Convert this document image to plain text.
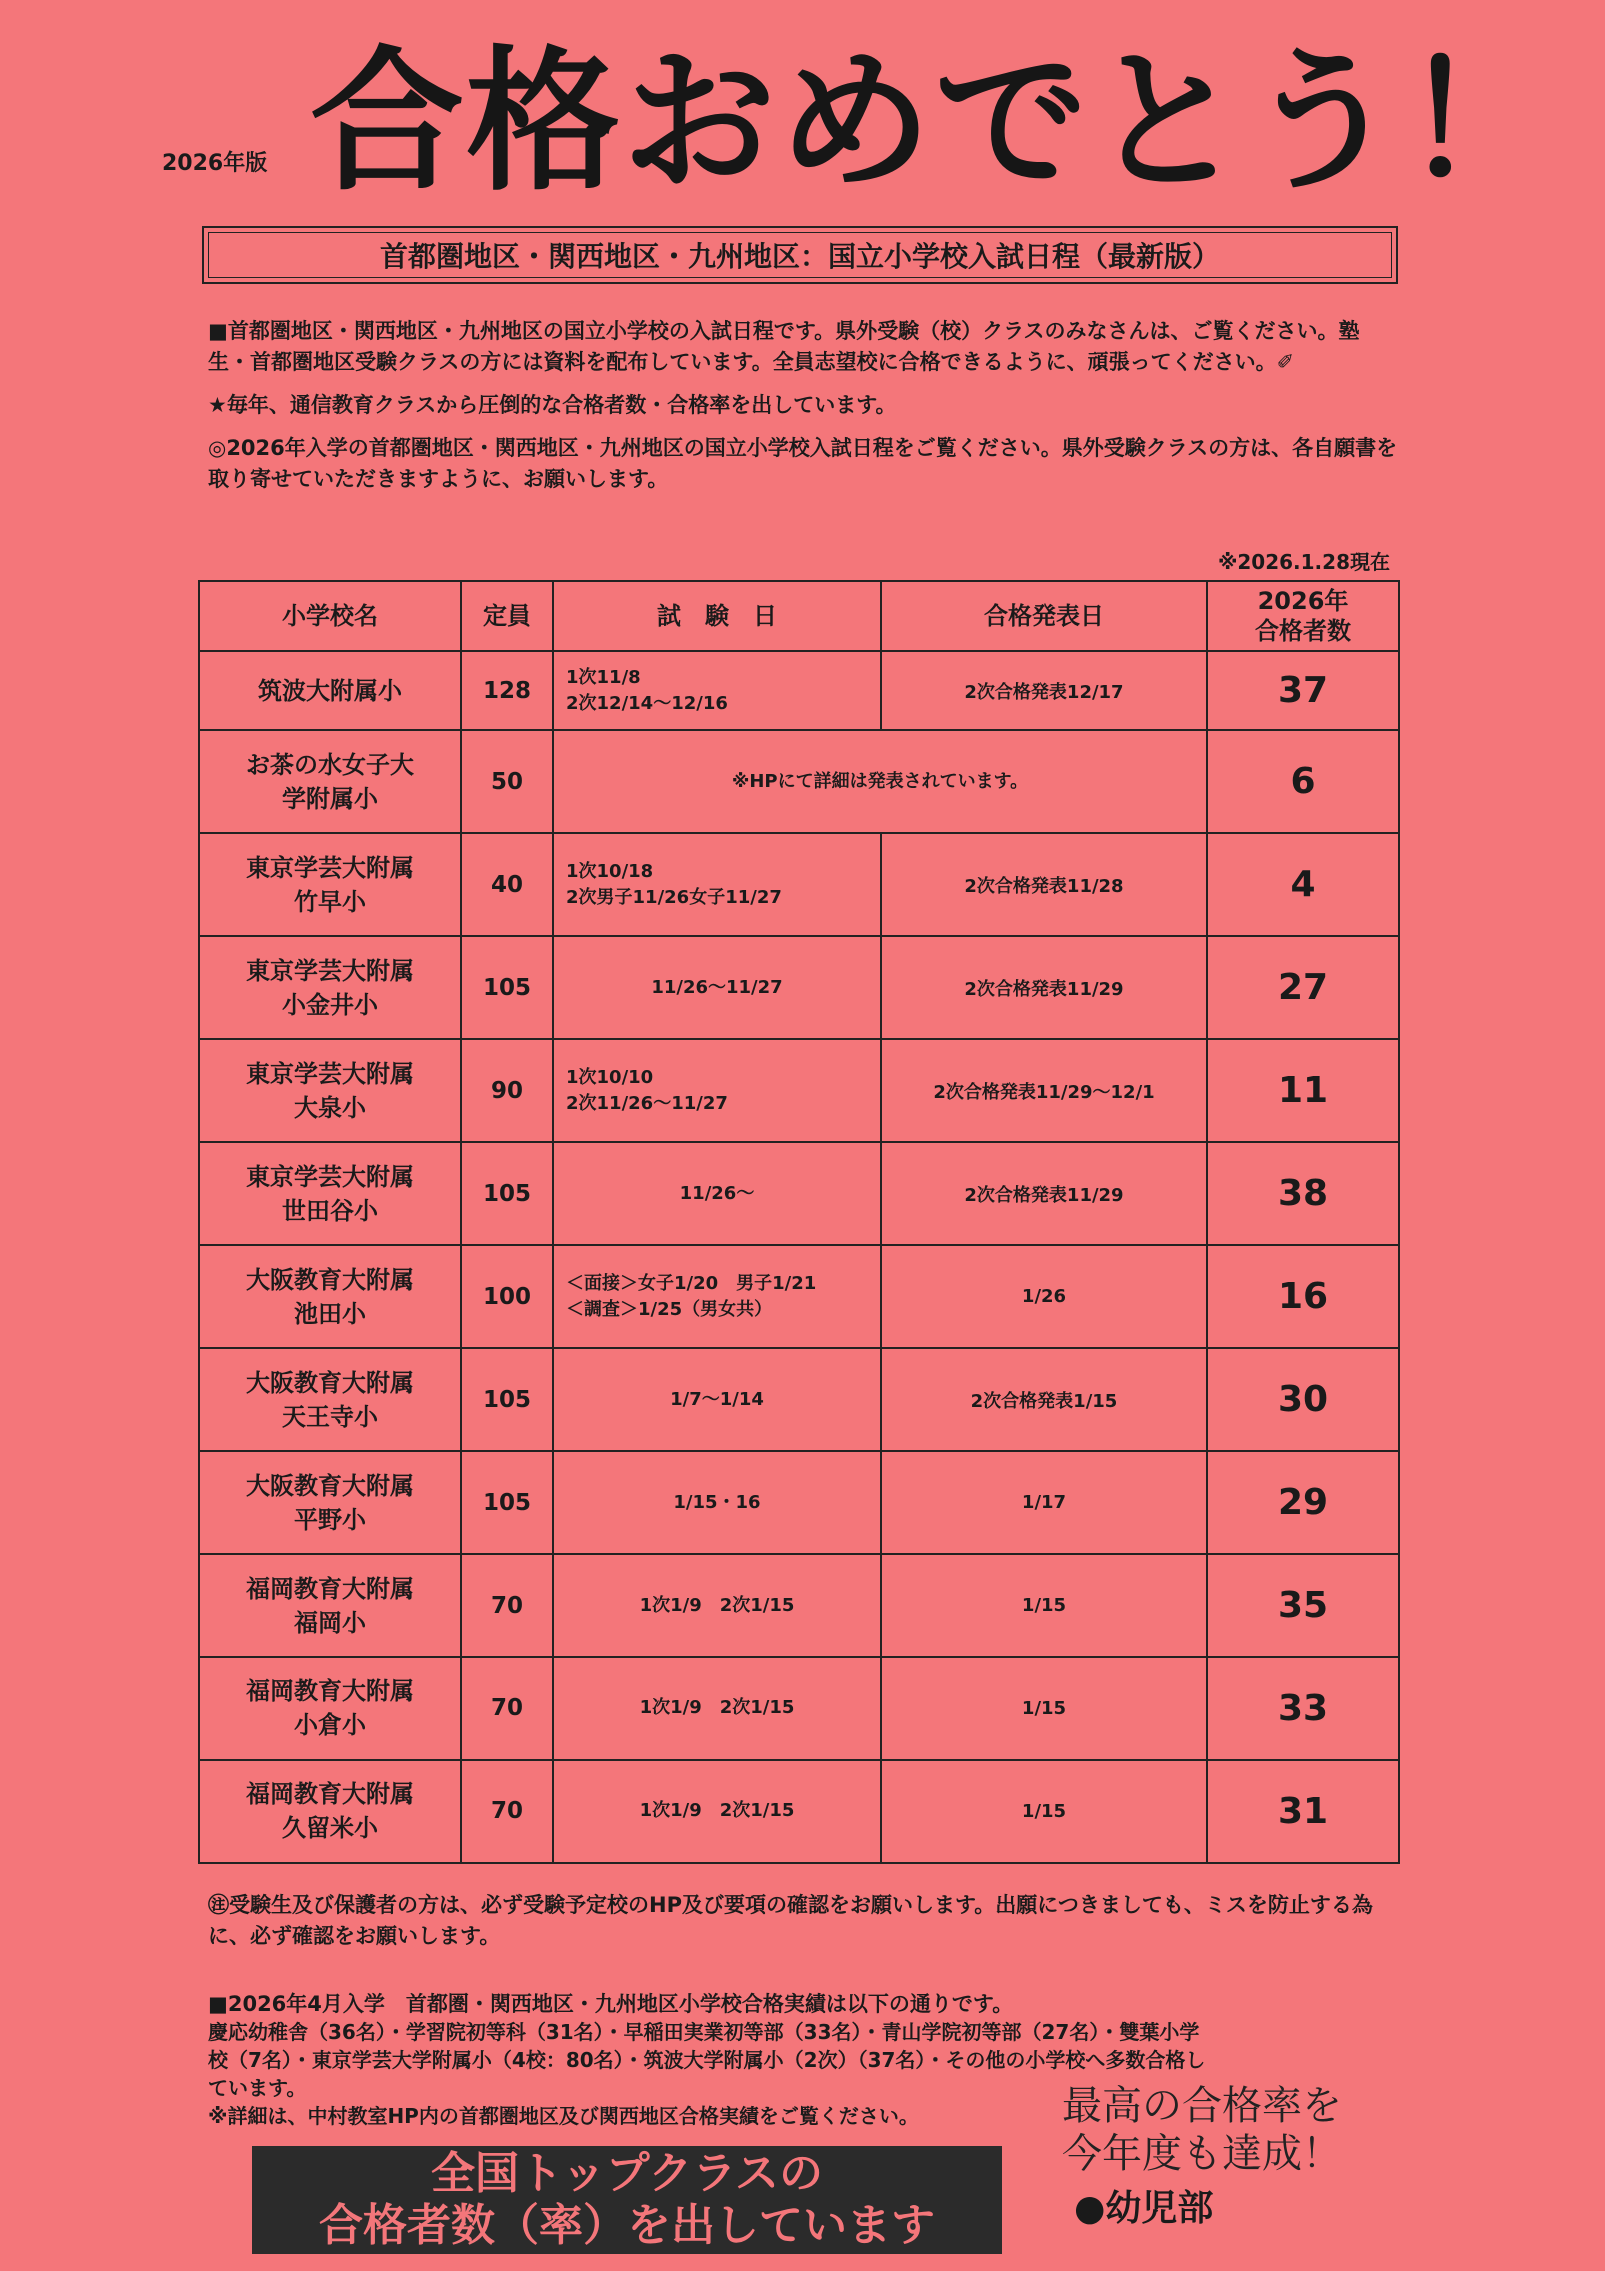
2026年版 合格おめでとう！
首都圏地区・関西地区・九州地区：国立小学校入試日程（最新版）

■首都圏地区・関西地区・九州地区の国立小学校の入試日程です。県外受験（校）クラスのみなさんは、ご覧ください。塾生・首都圏地区受験クラスの方には資料を配布しています。全員志望校に合格できるように、頑張ってください。✐

★毎年、通信教育クラスから圧倒的な合格者数・合格率を出しています。

◎2026年入学の首都圏地区・関西地区・九州地区の国立小学校入試日程をご覧ください。県外受験クラスの方は、各自願書を取り寄せていただきますように、お願いします。

※2026.1.28現在
小学校名	定員	試　験　日	合格発表日	2026年
合格者数

筑波大附属小	128	1次11/8
2次12/14～12/16	2次合格発表12/17	37

お茶の水女子大
学附属小	50	※HPにて詳細は発表されています。		6

東京学芸大附属
竹早小	40	1次10/18
2次男子11/26女子11/27	2次合格発表11/28	4

東京学芸大附属
小金井小	105	11/26～11/27	2次合格発表11/29	27

東京学芸大附属
大泉小	90	1次10/10
2次11/26～11/27	2次合格発表11/29～12/1	11

東京学芸大附属
世田谷小	105	11/26～	2次合格発表11/29	38

大阪教育大附属
池田小	100	＜面接＞女子1/20　男子1/21
＜調査＞1/25（男女共）	1/26	16

大阪教育大附属
天王寺小	105	1/7～1/14	2次合格発表1/15	30

大阪教育大附属
平野小	105	1/15・16	1/17	29

福岡教育大附属
福岡小	70	1次1/9　2次1/15	1/15	35

福岡教育大附属
小倉小	70	1次1/9　2次1/15	1/15	33

福岡教育大附属
久留米小	70	1次1/9　2次1/15	1/15	31
㊟受験生及び保護者の方は、必ず受験予定校のHP及び要項の確認をお願いします。出願につきましても、ミスを防止する為に、必ず確認をお願いします。

■2026年4月入学　首都圏・関西地区・九州地区小学校合格実績は以下の通りです。

慶応幼稚舎（36名）・学習院初等科（31名）・早稲田実業初等部（33名）・青山学院初等部（27名）・雙葉小学校（7名）・東京学芸大学附属小（4校：80名）・筑波大学附属小（2次）（37名）・その他の小学校へ多数合格しています。

※詳細は、中村教室HP内の首都圏地区及び関西地区合格実績をご覧ください。

全国トップクラスの
合格者数（率）を出しています
最高の合格率を
今年度も達成！
●幼児部
